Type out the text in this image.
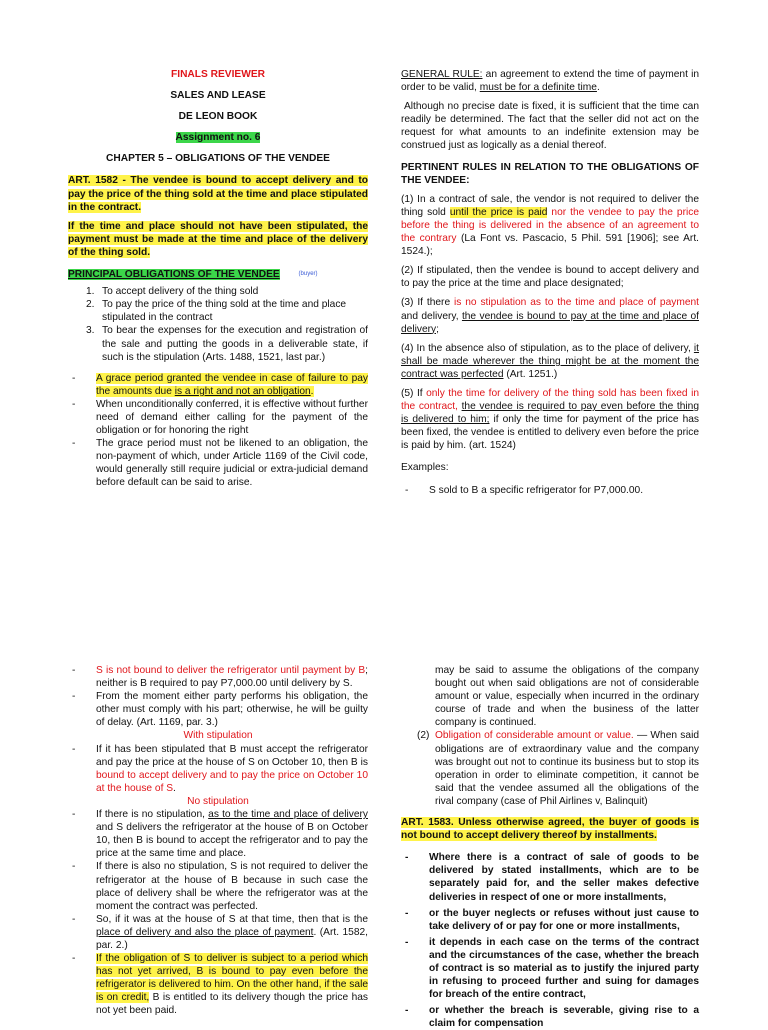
FINALS REVIEWER

SALES AND LEASE

DE LEON BOOK

Assignment no. 6

CHAPTER 5 – OBLIGATIONS OF THE VENDEE

ART. 1582 - The vendee is bound to accept delivery and to pay the price of the thing sold at the time and place stipulated in the contract.

If the time and place should not have been stipulated, the payment must be made at the time and place of the delivery of the thing sold.

PRINCIPAL OBLIGATIONS OF THE VENDEE	$^{(buyer)}$

1. To accept delivery of the thing sold
2. To pay the price of the thing sold at the time and place stipulated in the contract
3. To bear the expenses for the execution and registration of the sale and putting the goods in a deliverable state, if such is the stipulation (Arts. 1488, 1521, last par.)
- A grace period granted the vendee in case of failure to pay the amounts due is a right and not an obligation.
- When unconditionally conferred, it is effective without further need of demand either calling for the payment of the obligation or for honoring the right
- The grace period must not be likened to an obligation, the non-payment of which, under Article 1169 of the Civil code, would generally still require judicial or extra-judicial demand before default can be said to arise.

GENERAL RULE: an agreement to extend the time of payment in order to be valid, must be for a definite time.

Although no precise date is fixed, it is sufficient that the time can readily be determined. The fact that the seller did not act on the request for what amounts to an indefinite extension may be construed just as logically as a denial thereof.

PERTINENT RULES IN RELATION TO THE OBLIGATIONS OF THE VENDEE:

(1) In a contract of sale, the vendor is not required to deliver the thing sold until the price is paid nor the vendee to pay the price before the thing is delivered in the absence of an agreement to the contrary (La Font vs. Pascacio, 5 Phil. 591 [1906]; see Art. 1524.);

(2) If stipulated, then the vendee is bound to accept delivery and to pay the price at the time and place designated;

(3) If there is no stipulation as to the time and place of payment and delivery, the vendee is bound to pay at the time and place of delivery;

(4) In the absence also of stipulation, as to the place of delivery, it shall be made wherever the thing might be at the moment the contract was perfected (Art. 1251.)

(5) If only the time for delivery of the thing sold has been fixed in the contract, the vendee is required to pay even before the thing is delivered to him; if only the time for payment of the price has been fixed, the vendee is entitled to delivery even before the price is paid by him. (art. 1524)

Examples:

- S sold to B a specific refrigerator for P7,000.00.
- S is not bound to deliver the refrigerator until payment by B; neither is B required to pay P7,000.00 until delivery by S.
- From the moment either party performs his obligation, the other must comply with his part; otherwise, he will be guilty of delay. (Art. 1169, par. 3.)

With stipulation

- If it has been stipulated that B must accept the refrigerator and pay the price at the house of S on October 10, then B is bound to accept delivery and to pay the price on October 10 at the house of S.

No stipulation

- If there is no stipulation, as to the time and place of delivery and S delivers the refrigerator at the house of B on October 10, then B is bound to accept the refrigerator and to pay the price at the same time and place.
- If there is also no stipulation, S is not required to deliver the refrigerator at the house of B because in such case the place of delivery shall be where the refrigerator was at the moment the contract was perfected.
- So, if it was at the house of S at that time, then that is the place of delivery and also the place of payment. (Art. 1582, par. 2.)
- If the obligation of S to deliver is subject to a period which has not yet arrived, B is bound to pay even before the refrigerator is delivered to him. On the other hand, if the sale is on credit, B is entitled to its delivery though the price has not yet been paid.

may be said to assume the obligations of the company bought out when said obligations are not of considerable amount or value, especially when incurred in the ordinary course of trade and when the business of the latter company is continued.

(2) Obligation of considerable amount or value. — When said obligations are of extraordinary value and the company was brought out not to continue its business but to stop its operation in order to eliminate competition, it cannot be said that the vendee assumed all the obligations of the rival company (case of Phil Airlines v, Balinquit)

ART. 1583. Unless otherwise agreed, the buyer of goods is not bound to accept delivery thereof by installments.

- Where there is a contract of sale of goods to be delivered by stated installments, which are to be separately paid for, and the seller makes defective deliveries in respect of one or more installments,
- or the buyer neglects or refuses without just cause to take delivery of or pay for one or more installments,
- it depends in each case on the terms of the contract and the circumstances of the case, whether the breach of contract is so material as to justify the injured party in refusing to proceed further and suing for damages for breach of the entire contract,
- or whether the breach is severable, giving rise to a claim for compensation
